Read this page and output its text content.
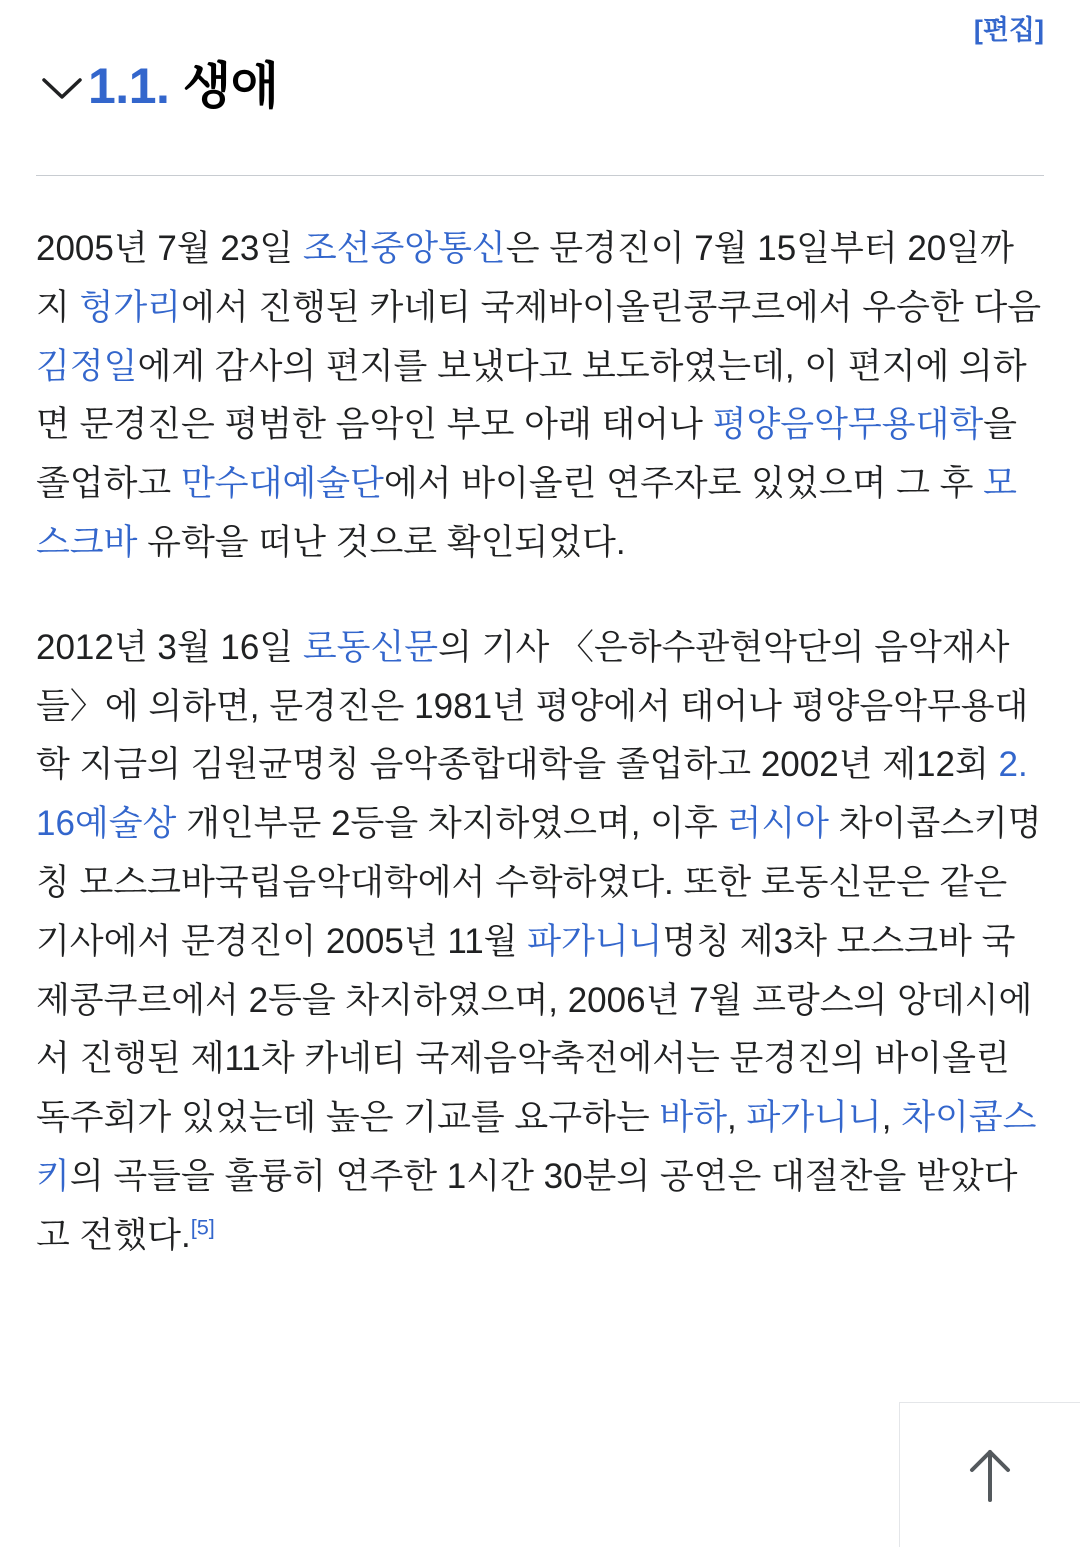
1.1. 생애
[편집]

2005년 7월 23일 조선중앙통신은 문경진이 7월 15일부터 20일까지 헝가리에서 진행된 카네티 국제바이올린콩쿠르에서 우승한 다음 김정일에게 감사의 편지를 보냈다고 보도하였는데, 이 편지에 의하면 문경진은 평범한 음악인 부모 아래 태어나 평양음악무용대학을 졸업하고 만수대예술단에서 바이올린 연주자로 있었으며 그 후 모스크바 유학을 떠난 것으로 확인되었다.

2012년 3월 16일 로동신문의 기사 〈은하수관현악단의 음악재사들〉에 의하면, 문경진은 1981년 평양에서 태어나 평양음악무용대학 지금의 김원균명칭 음악종합대학을 졸업하고 2002년 제12회 2.16예술상 개인부문 2등을 차지하였으며, 이후 러시아 차이콥스키명칭 모스크바국립음악대학에서 수학하였다. 또한 로동신문은 같은 기사에서 문경진이 2005년 11월 파가니니명칭 제3차 모스크바 국제콩쿠르에서 2등을 차지하였으며, 2006년 7월 프랑스의 앙데시에서 진행된 제11차 카네티 국제음악축전에서는 문경진의 바이올린 독주회가 있었는데 높은 기교를 요구하는 바하, 파가니니, 차이콥스키의 곡들을 훌륭히 연주한 1시간 30분의 공연은 대절찬을 받았다고 전했다.[5]
